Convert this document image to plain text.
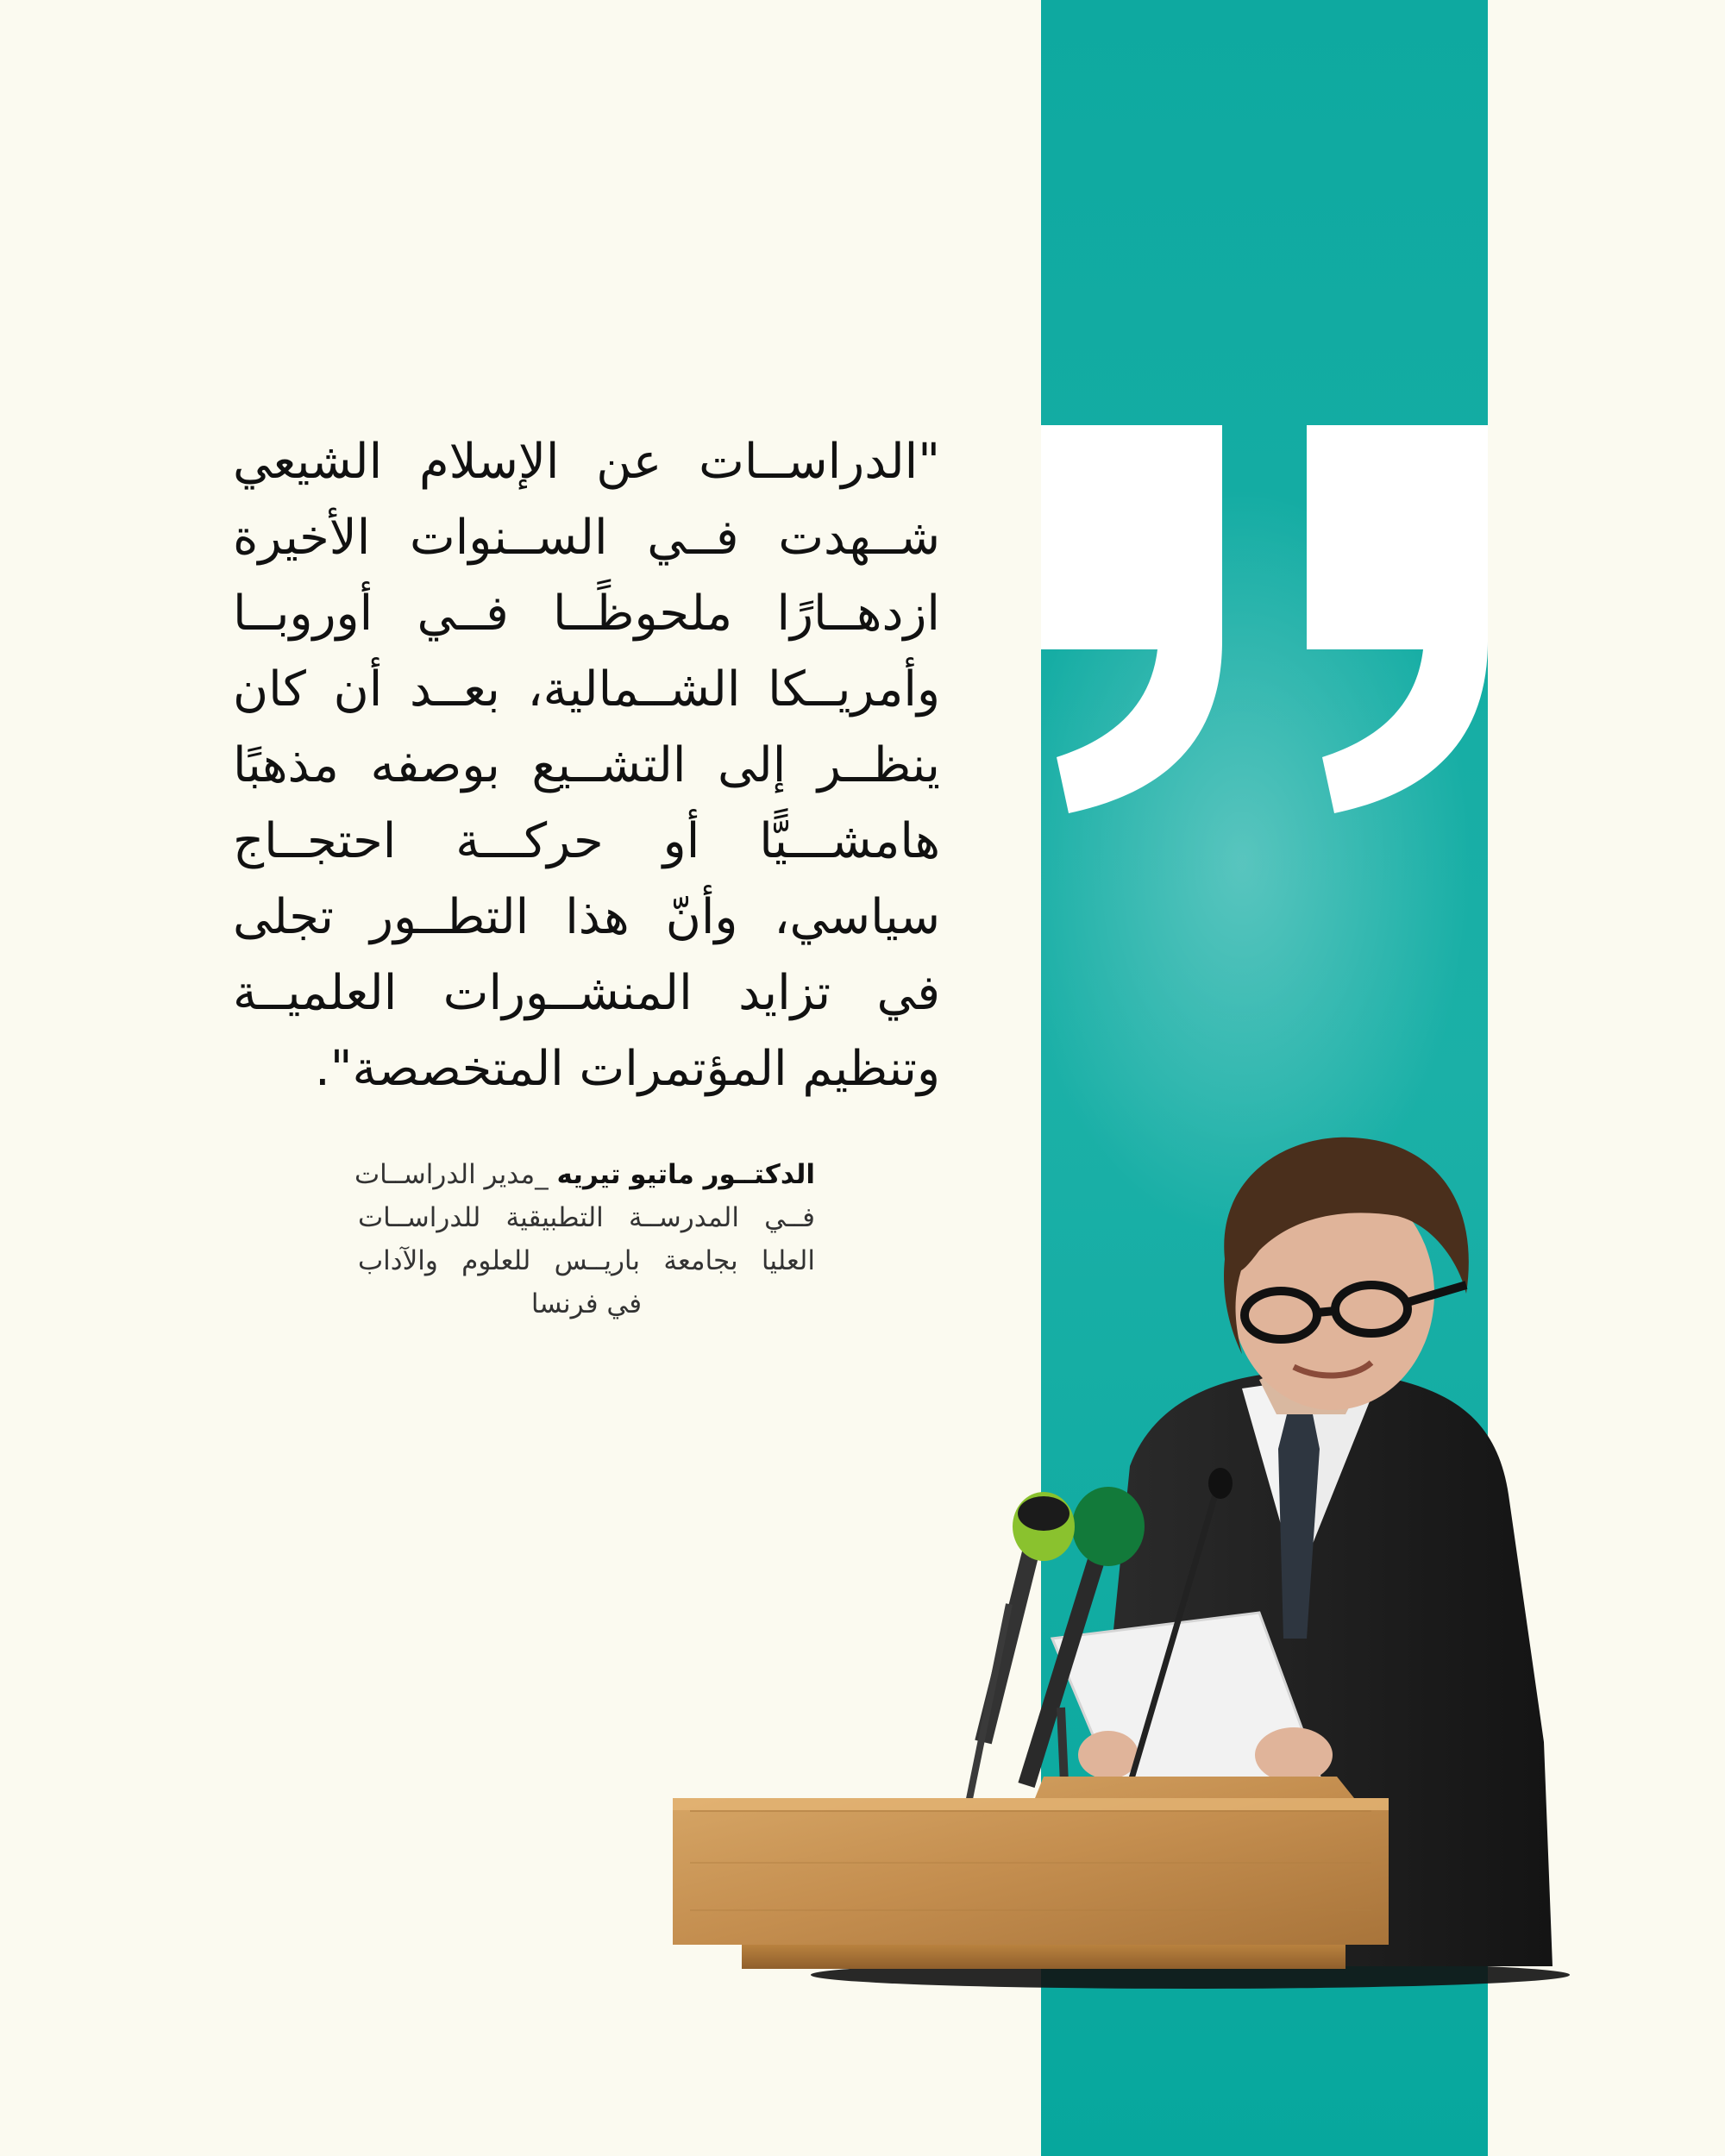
"الدراســات عن الإسلام الشيعي
شــهدت فــي الســنوات الأخيرة
ازدهــارًا ملحوظًــا فــي أوروبــا
وأمريــكا الشــمالية، بعــد أن كان
ينظــر إلى التشــيع بوصفه مذهبًا
هامشـــيًّا أو حركـــة احتجــاج
سياسي، وأنّ هذا التطــور تجلى
في تزايد المنشــورات العلميــة
وتنظيم المؤتمرات المتخصصة".
الدكتــور ماتيو تيريه _مدير الدراســات
فــي المدرســة التطبيقية للدراســات
العليا بجامعة باريــس للعلوم والآداب
في فرنسا
